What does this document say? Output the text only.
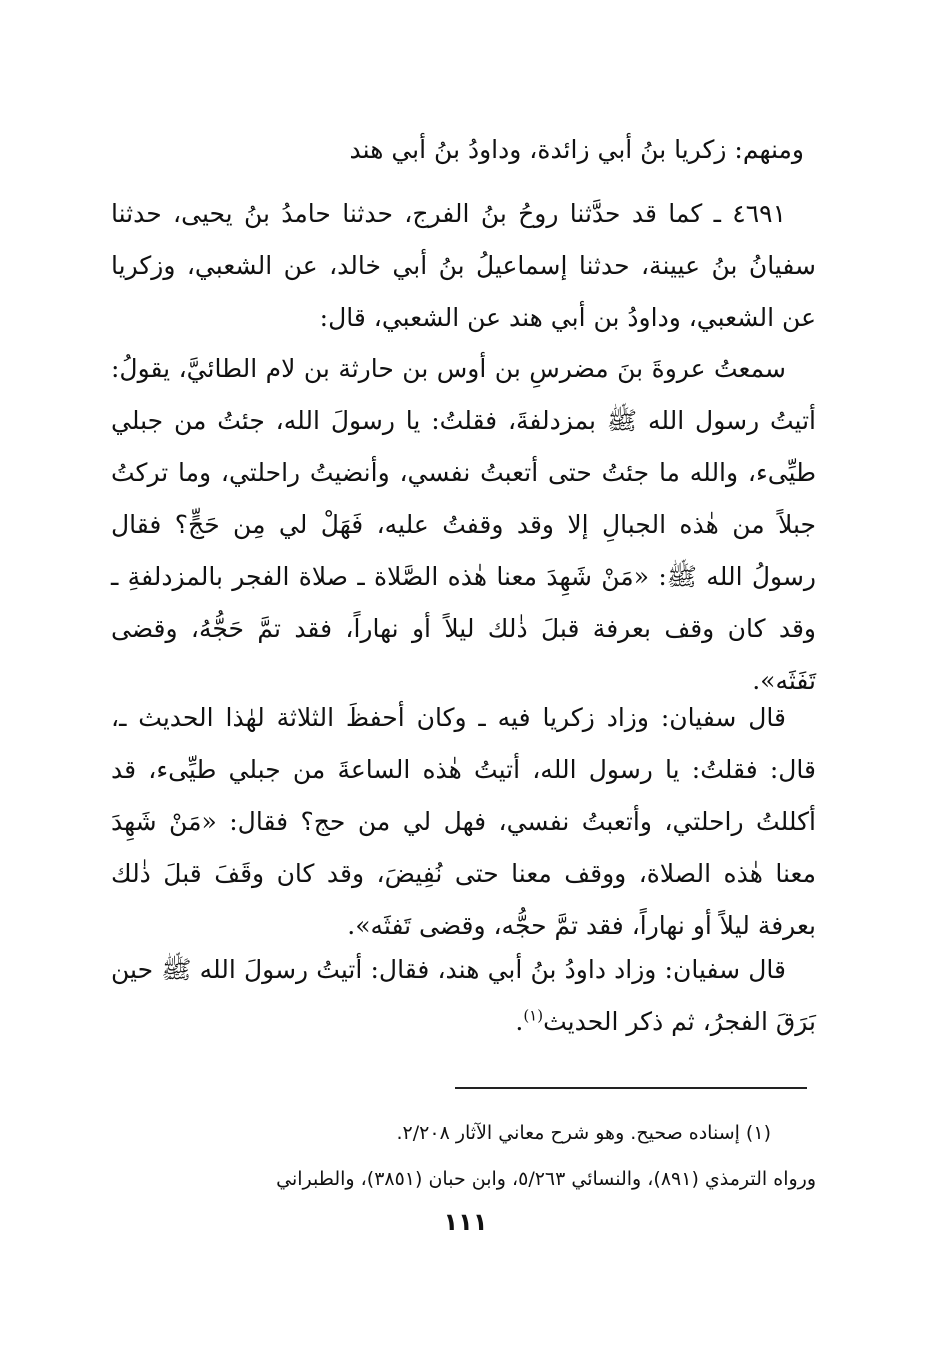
ومنهم: زكريا بنُ أبي زائدة، وداودُ بنُ أبي هند

٤٦٩١ ـ كما قد حدَّثنا روحُ بنُ الفرج، حدثنا حامدُ بنُ يحيى، حدثنا سفيانُ بنُ عيينة، حدثنا إسماعيلُ بنُ أبي خالد، عن الشعبي، وزكريا عن الشعبي، وداودُ بن أبي هند عن الشعبي، قال:

سمعتُ عروةَ بنَ مضرسِ بن أوس بن حارثة بن لام الطائيَّ، يقولُ: أتيتُ رسول الله ﷺ بمزدلفةَ، فقلتُ: يا رسولَ الله، جئتُ من جبلي طيِّىء، والله ما جئتُ حتى أتعبتُ نفسي، وأنضيتُ راحلتي، وما تركتُ جبلاً من هٰذه الجبالِ إلا وقد وقفتُ عليه، فَهَلْ لي مِن حَجٍّ؟ فقال رسولُ الله ﷺ: «مَنْ شَهِدَ معنا هٰذه الصَّلاة ـ صلاة الفجر بالمزدلفةِ ـ وقد كان وقف بعرفة قبلَ ذٰلك ليلاً أو نهاراً، فقد تمَّ حَجُّهُ، وقضى تَفَثَه».

قال سفيان: وزاد زكريا فيه ـ وكان أحفظَ الثلاثة لهٰذا الحديث ـ، قال: فقلتُ: يا رسول الله، أتيتُ هٰذه الساعةَ من جبلي طيِّىء، قد أكللتُ راحلتي، وأتعبتُ نفسي، فهل لي من حج؟ فقال: «مَنْ شَهِدَ معنا هٰذه الصلاة، ووقف معنا حتى نُفِيضَ، وقد كان وقَفَ قبلَ ذٰلك بعرفة ليلاً أو نهاراً، فقد تمَّ حجُّه، وقضى تَفثَه».

قال سفيان: وزاد داودُ بنُ أبي هند، فقال: أتيتُ رسولَ الله ﷺ حين بَرَقَ الفجرُ، ثم ذكر الحديث$^{(١)}$.

(١) إسناده صحيح. وهو شرح معاني الآثار ٢/٢٠٨.

ورواه الترمذي (٨٩١)، والنسائي ٥/٢٦٣، وابن حبان (٣٨٥١)، والطبراني

١١١
